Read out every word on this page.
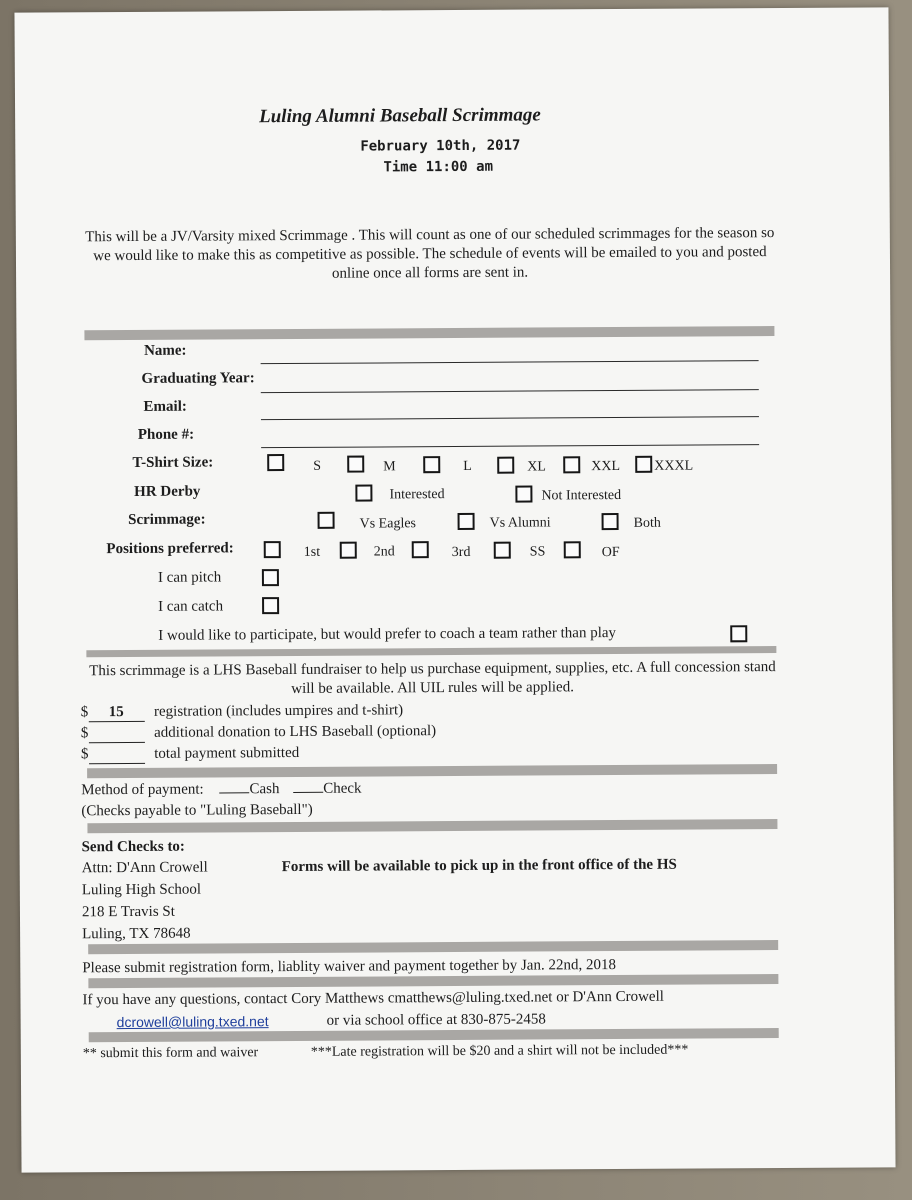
Luling Alumni Baseball Scrimmage
February 10th, 2017
Time 11:00 am
This will be a JV/Varsity mixed Scrimmage . This will count as one of our scheduled scrimmages for the season so we would like to make this as competitive as possible. The schedule of events will be emailed to you and posted online once all forms are sent in.
Name:
Graduating Year:
Email:
Phone #:
T-Shirt Size:	S	M	L	XL	XXL XXXL
HR Derby	Interested	Not Interested
Scrimmage:	Vs Eagles	Vs Alumni	Both
Positions preferred:	1st	2nd	3rd	SS	OF
I can pitch
I can catch
I would like to participate, but would prefer to coach a team rather than play
This scrimmage is a LHS Baseball fundraiser to help us purchase equipment, supplies, etc. A full concession stand will be available. All UIL rules will be applied.
$ 15 registration (includes umpires and t-shirt)
$	additional donation to LHS Baseball (optional)
$	total payment submitted
Method of payment:	Cash	Check
(Checks payable to "Luling Baseball")
Send Checks to:
Attn: D'Ann Crowell
Luling High School
218 E Travis St
Luling, TX 78648
Forms will be available to pick up in the front office of the HS
Please submit registration form, liablity waiver and payment together by Jan. 22nd, 2018
If you have any questions, contact Cory Matthews cmatthews@luling.txed.net or D'Ann Crowell
dcrowell@luling.txed.net	or via school office at 830-875-2458
** submit this form and waiver	***Late registration will be $20 and a shirt will not be included***
